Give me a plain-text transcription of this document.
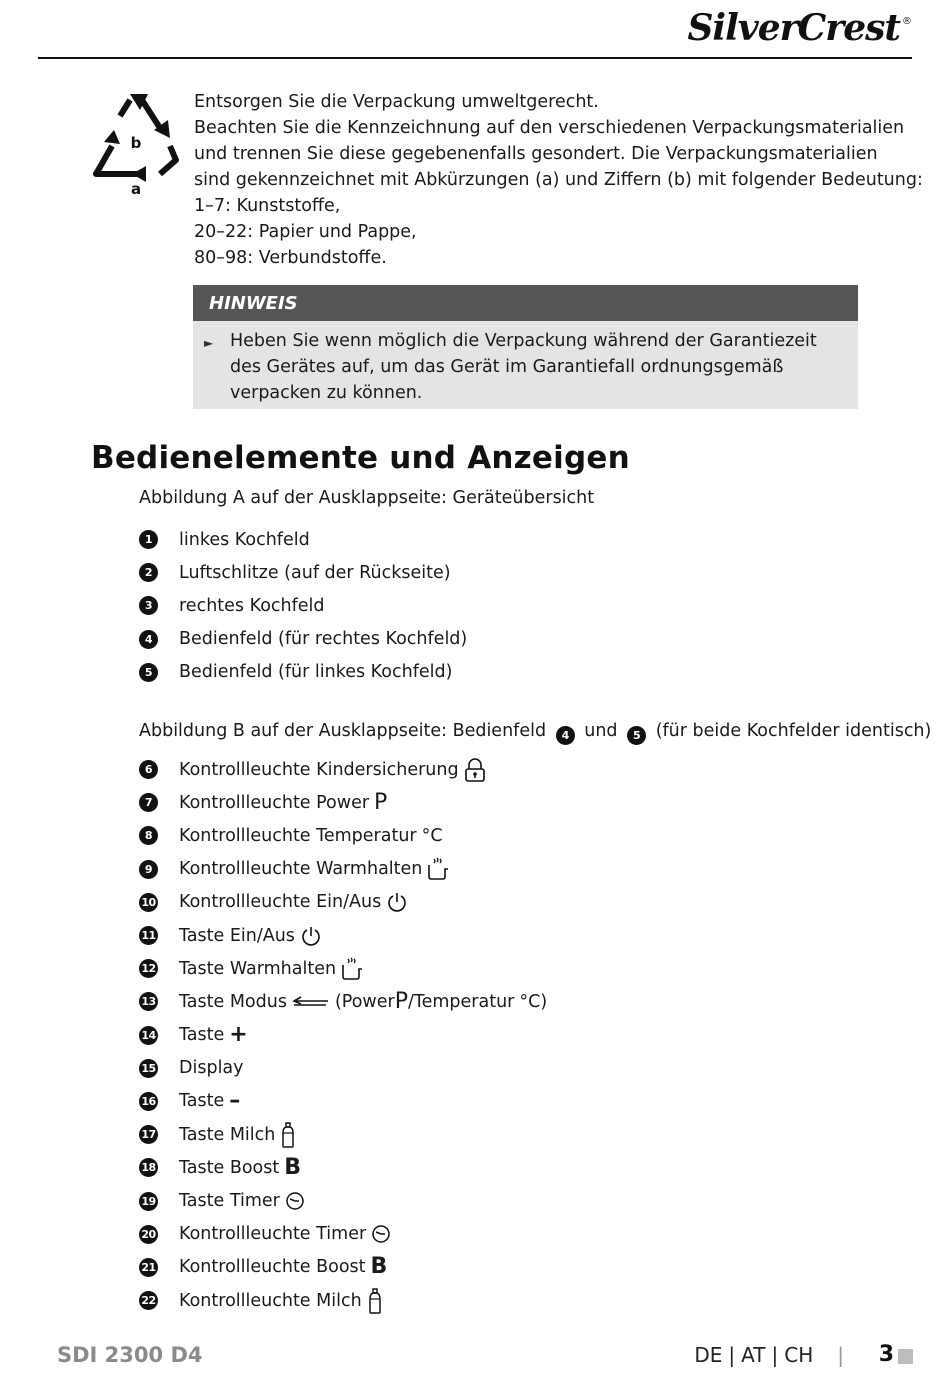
SilverCrest ®
b
a
Entsorgen Sie die Verpackung umweltgerecht.
Beachten Sie die Kennzeichnung auf den verschiedenen Verpackungsmaterialien
und trennen Sie diese gegebenenfalls gesondert. Die Verpackungsmaterialien
sind gekennzeichnet mit Abkürzungen (a) und Ziffern (b) mit folgender Bedeutung:
1–7: Kunststoffe,
20–22: Papier und Pappe,
80–98: Verbundstoffe.
HINWEIS
► Heben Sie wenn möglich die Verpackung während der Garantiezeit des Gerätes auf, um das Gerät im Garantiefall ordnungsgemäß verpacken zu können.
Bedienelemente und Anzeigen
Abbildung A auf der Ausklappseite: Geräteübersicht
1	linkes Kochfeld
2	Luftschlitze (auf der Rückseite)
3	rechtes Kochfeld
4	Bedienfeld (für rechtes Kochfeld)
5	Bedienfeld (für linkes Kochfeld)
Abbildung B auf der Ausklappseite: Bedienfeld 4 und 5 (für beide Kochfelder identisch)
6	Kontrollleuchte Kindersicherung
7	Kontrollleuchte Power P
8	Kontrollleuchte Temperatur °C
9	Kontrollleuchte Warmhalten
10 Kontrollleuchte Ein/Aus
11 Taste Ein/Aus
12 Taste Warmhalten
13 Taste Modus	(Power P /Temperatur °C )
14 Taste +
15 Display
16 Taste –
17 Taste Milch
18 Taste Boost B
19 Taste Timer
20 Kontrollleuchte Timer
21 Kontrollleuchte Boost B
22 Kontrollleuchte Milch
SDI 2300 D4	DE | AT | CH | 3
